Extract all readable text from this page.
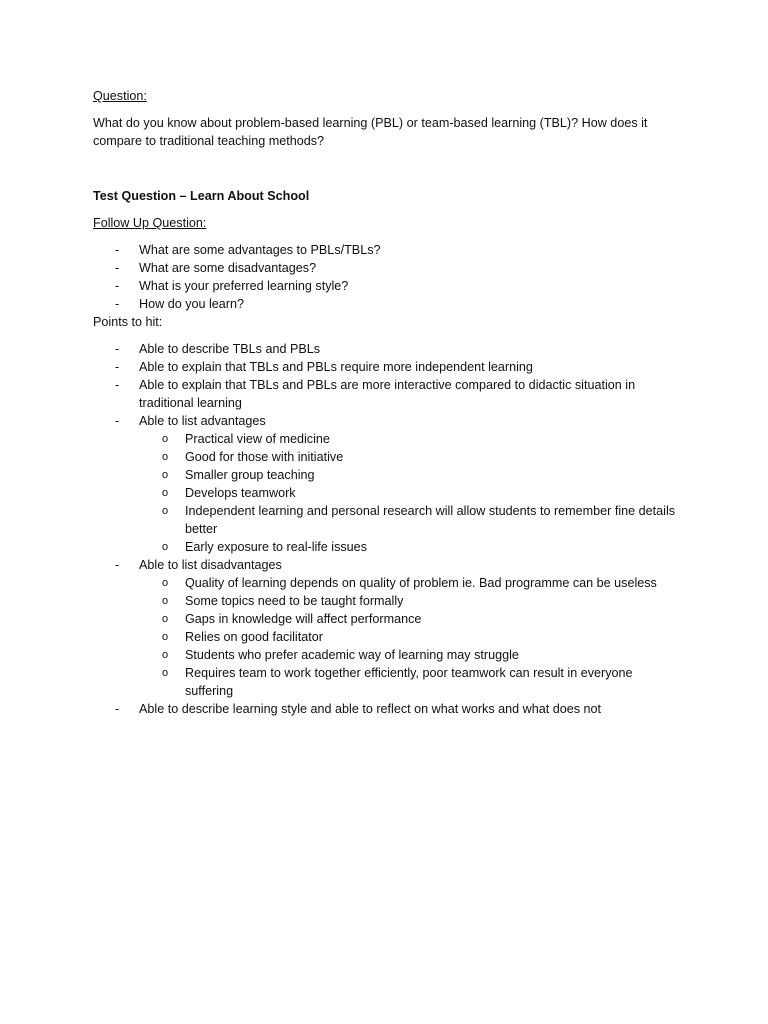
Question:

What do you know about problem-based learning (PBL) or team-based learning (TBL)? How does it compare to traditional teaching methods?

Test Question – Learn About School

Follow Up Question:

- What are some advantages to PBLs/TBLs?
- What are some disadvantages?
- What is your preferred learning style?
- How do you learn?

Points to hit:

- Able to describe TBLs and PBLs
- Able to explain that TBLs and PBLs require more independent learning
- Able to explain that TBLs and PBLs are more interactive compared to didactic situation in traditional learning
- Able to list advantages
o Practical view of medicine
o Good for those with initiative
o Smaller group teaching
o Develops teamwork
o Independent learning and personal research will allow students to remember fine details better
o Early exposure to real-life issues
- Able to list disadvantages
o Quality of learning depends on quality of problem ie. Bad programme can be useless
o Some topics need to be taught formally
o Gaps in knowledge will affect performance
o Relies on good facilitator
o Students who prefer academic way of learning may struggle
o Requires team to work together efficiently, poor teamwork can result in everyone suffering
- Able to describe learning style and able to reflect on what works and what does not
